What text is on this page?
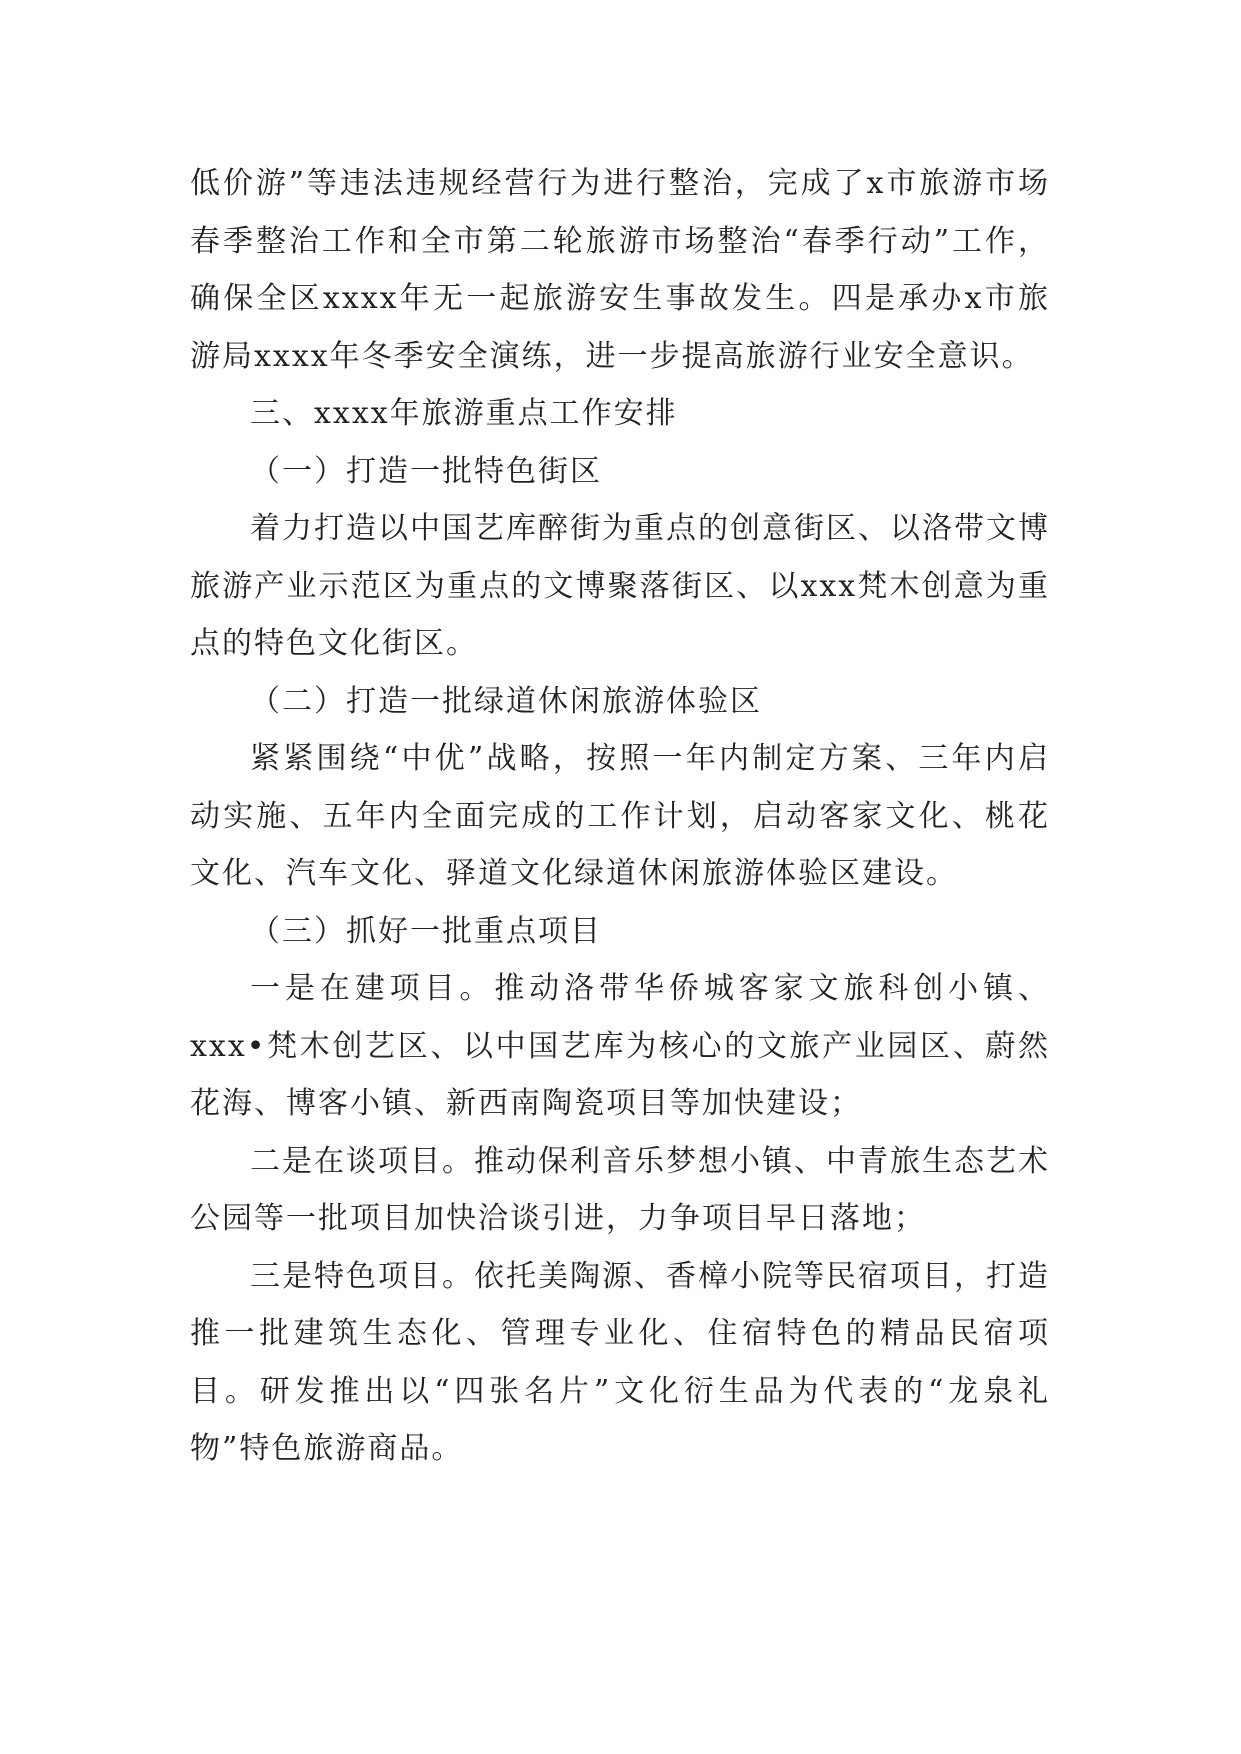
低价游”等违法违规经营行为进行整治，完成了x市旅游市场春季整治工作和全市第二轮旅游市场整治“春季行动”工作，确保全区xxxx年无一起旅游安生事故发生。四是承办x市旅游局xxxx年冬季安全演练，进一步提高旅游行业安全意识。

三、xxxx年旅游重点工作安排

（一）打造一批特色街区

着力打造以中国艺库醉街为重点的创意街区、以洛带文博旅游产业示范区为重点的文博聚落街区、以xxx梵木创意为重点的特色文化街区。

（二）打造一批绿道休闲旅游体验区

紧紧围绕“中优”战略，按照一年内制定方案、三年内启动实施、五年内全面完成的工作计划，启动客家文化、桃花文化、汽车文化、驿道文化绿道休闲旅游体验区建设。

（三）抓好一批重点项目

一是在建项目。推动洛带华侨城客家文旅科创小镇、xxx•梵木创艺区、以中国艺库为核心的文旅产业园区、蔚然花海、博客小镇、新西南陶瓷项目等加快建设；

二是在谈项目。推动保利音乐梦想小镇、中青旅生态艺术公园等一批项目加快洽谈引进，力争项目早日落地；

三是特色项目。依托美陶源、香樟小院等民宿项目，打造推一批建筑生态化、管理专业化、住宿特色的精品民宿项目。研发推出以“四张名片”文化衍生品为代表的“龙泉礼物”特色旅游商品。
